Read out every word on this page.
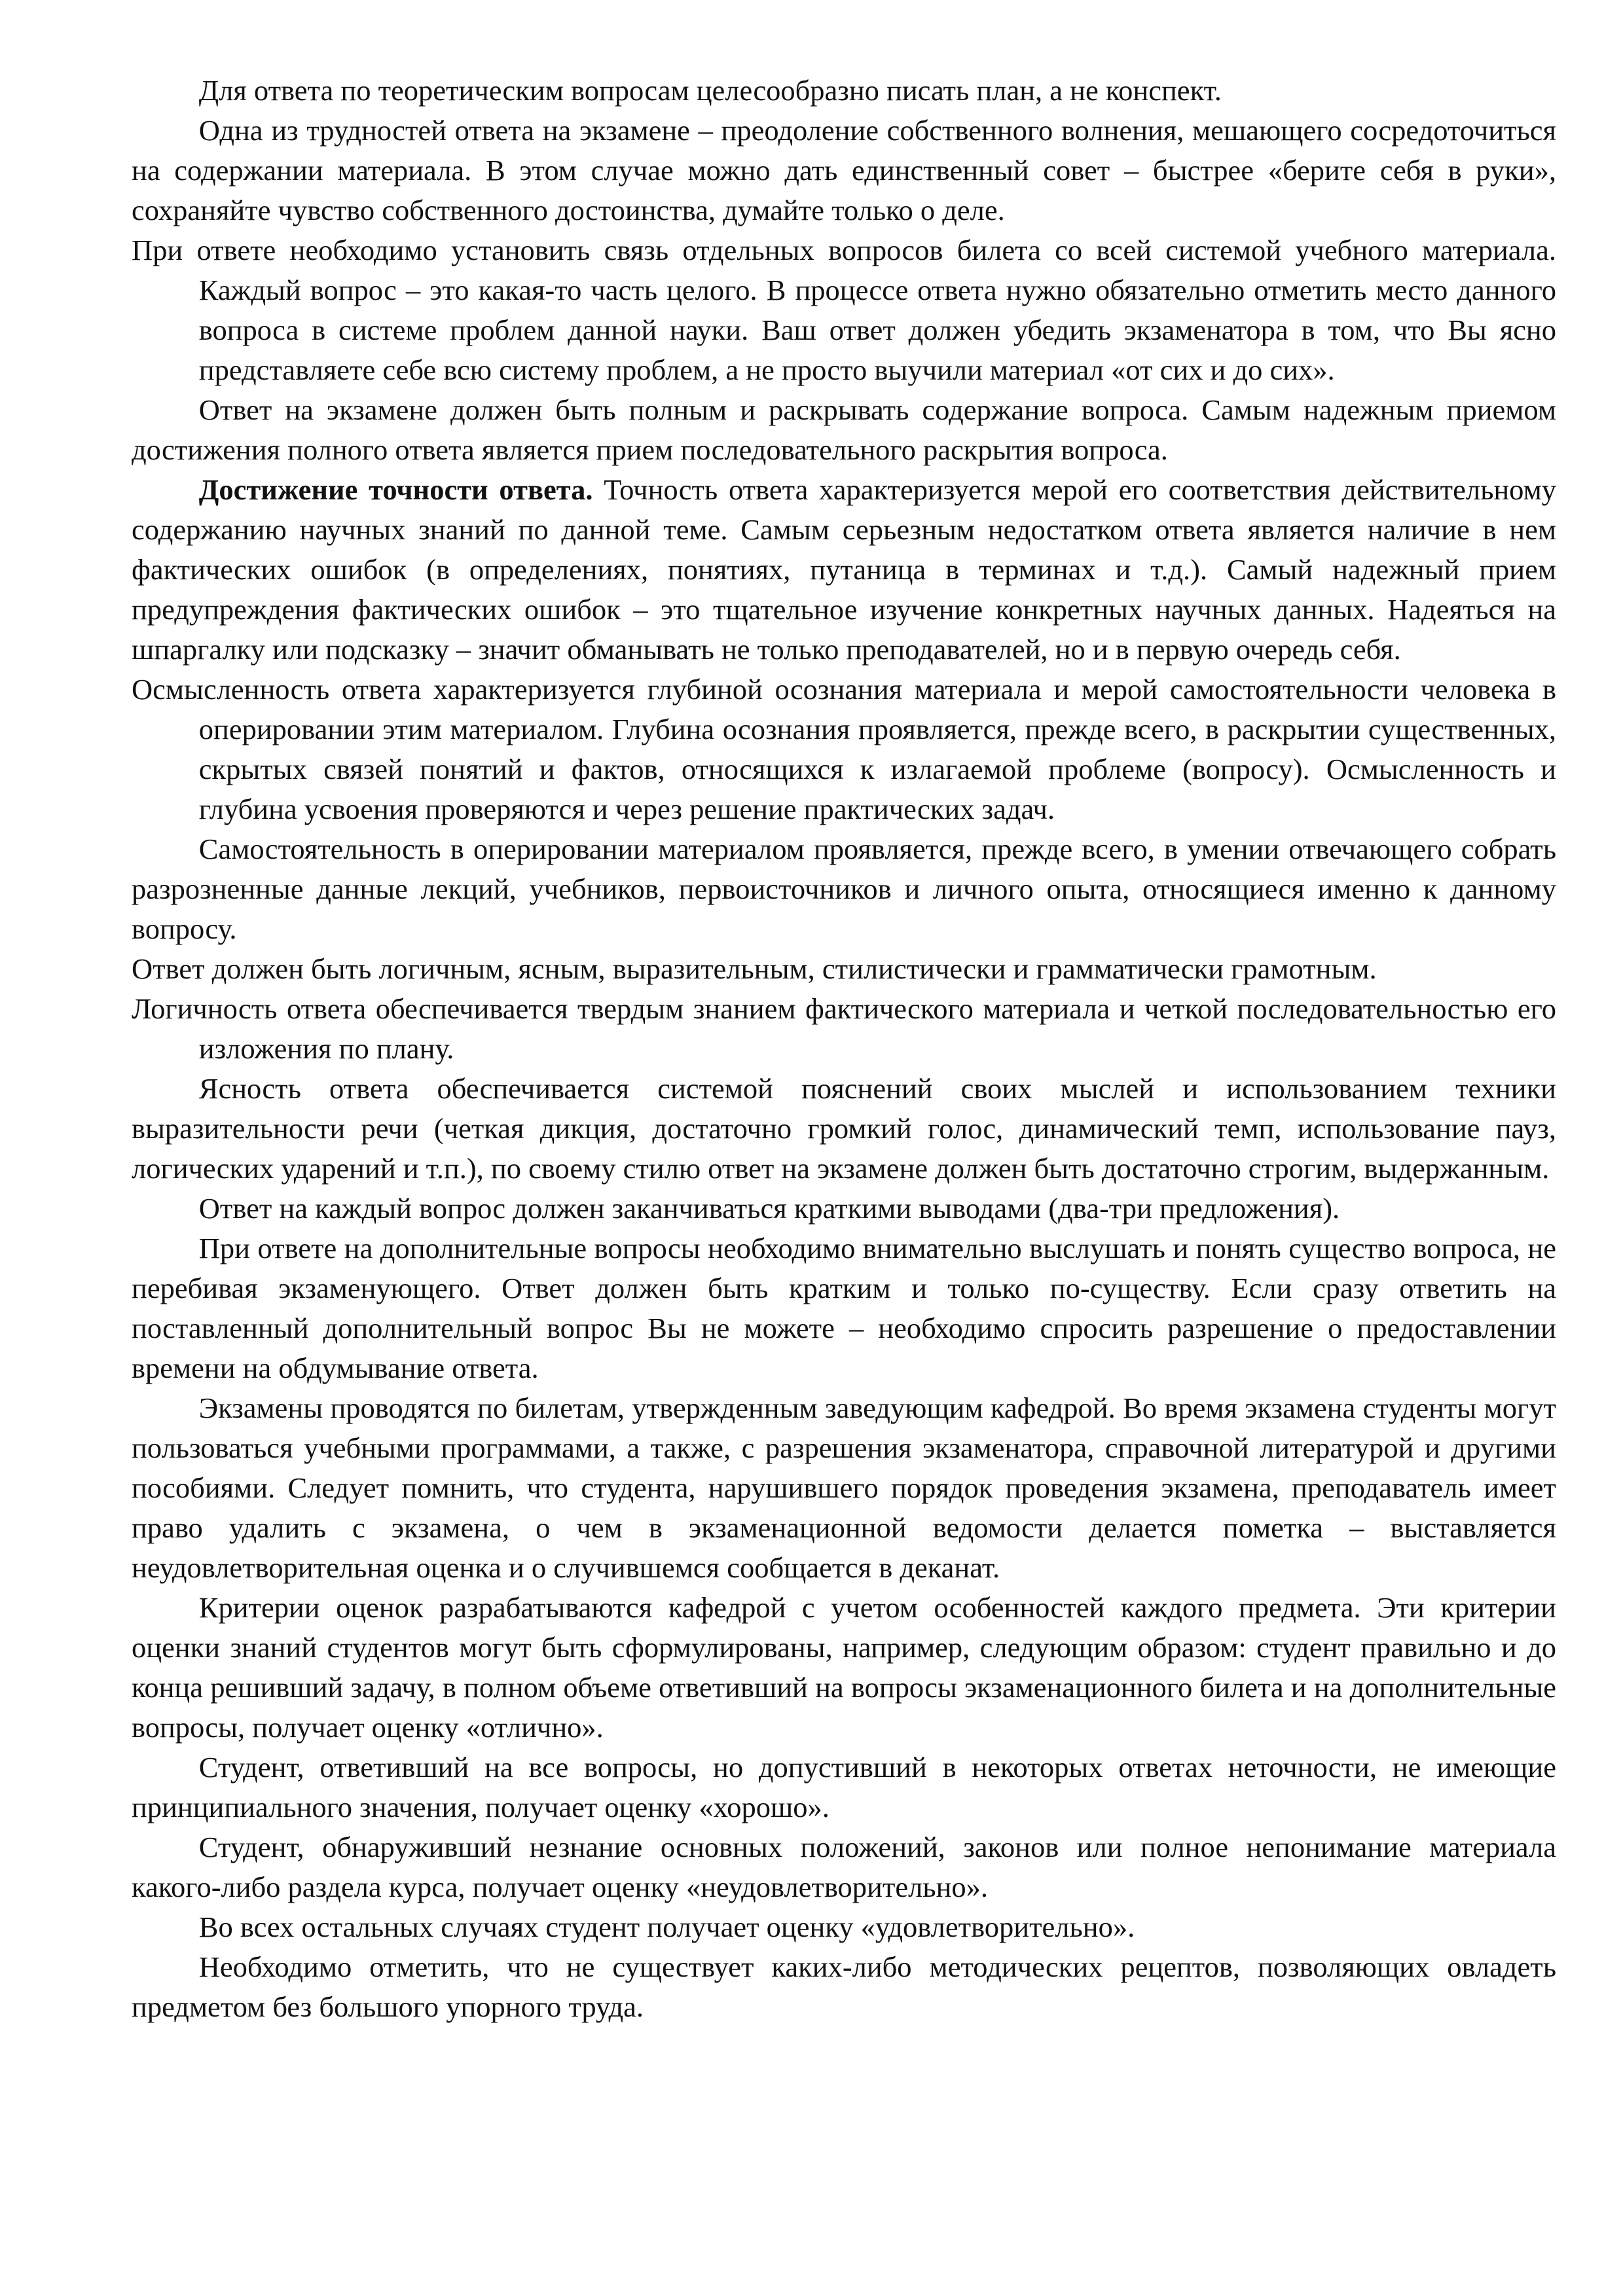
Для ответа по теоретическим вопросам целесообразно писать план, а не конспект.

Одна из трудностей ответа на экзамене – преодоление собственного волнения, мешающего сосредоточиться на содержании материала. В этом случае можно дать единственный совет – быстрее «берите себя в руки», сохраняйте чувство собственного достоинства, думайте только о деле.

При ответе необходимо установить связь отдельных вопросов билета со всей системой учебного материала. Каждый вопрос – это какая-то часть целого. В процессе ответа нужно обязательно отметить место данного вопроса в системе проблем данной науки. Ваш ответ должен убедить экзаменатора в том, что Вы ясно представляете себе всю систему проблем, а не просто выучили материал «от сих и до сих».

Ответ на экзамене должен быть полным и раскрывать содержание вопроса. Самым надежным приемом достижения полного ответа является прием последовательного раскрытия вопроса.

Достижение точности ответа. Точность ответа характеризуется мерой его соответствия действительному содержанию научных знаний по данной теме. Самым серьезным недостатком ответа является наличие в нем фактических ошибок (в определениях, понятиях, путаница в терминах и т.д.). Самый надежный прием предупреждения фактических ошибок – это тщательное изучение конкретных научных данных. Надеяться на шпаргалку или подсказку – значит обманывать не только преподавателей, но и в первую очередь себя.

Осмысленность ответа характеризуется глубиной осознания материала и мерой самостоятельности человека в оперировании этим материалом. Глубина осознания проявляется, прежде всего, в раскрытии существенных, скрытых связей понятий и фактов, относящихся к излагаемой проблеме (вопросу). Осмысленность и глубина усвоения проверяются и через решение практических задач.

Самостоятельность в оперировании материалом проявляется, прежде всего, в умении отвечающего собрать разрозненные данные лекций, учебников, первоисточников и личного опыта, относящиеся именно к данному вопросу.

Ответ должен быть логичным, ясным, выразительным, стилистически и грамматически грамотным.

Логичность ответа обеспечивается твердым знанием фактического материала и четкой последовательностью его изложения по плану.

Ясность ответа обеспечивается системой пояснений своих мыслей и использованием техники выразительности речи (четкая дикция, достаточно громкий голос, динамический темп, использование пауз, логических ударений и т.п.), по своему стилю ответ на экзамене должен быть достаточно строгим, выдержанным.

Ответ на каждый вопрос должен заканчиваться краткими выводами (два-три предложения).

При ответе на дополнительные вопросы необходимо внимательно выслушать и понять существо вопроса, не перебивая экзаменующего. Ответ должен быть кратким и только по-существу. Если сразу ответить на поставленный дополнительный вопрос Вы не можете – необходимо спросить разрешение о предоставлении времени на обдумывание ответа.

Экзамены проводятся по билетам, утвержденным заведующим кафедрой. Во время экзамена студенты могут пользоваться учебными программами, а также, с разрешения экзаменатора, справочной литературой и другими пособиями. Следует помнить, что студента, нарушившего порядок проведения экзамена, преподаватель имеет право удалить с экзамена, о чем в экзаменационной ведомости делается пометка – выставляется неудовлетворительная оценка и о случившемся сообщается в деканат.

Критерии оценок разрабатываются кафедрой с учетом особенностей каждого предмета. Эти критерии оценки знаний студентов могут быть сформулированы, например, следующим образом: студент правильно и до конца решивший задачу, в полном объеме ответивший на вопросы экзаменационного билета и на дополнительные вопросы, получает оценку «отлично».

Студент, ответивший на все вопросы, но допустивший в некоторых ответах неточности, не имеющие принципиального значения, получает оценку «хорошо».

Студент, обнаруживший незнание основных положений, законов или полное непонимание материала какого-либо раздела курса, получает оценку «неудовлетворительно».

Во всех остальных случаях студент получает оценку «удовлетворительно».

Необходимо отметить, что не существует каких-либо методических рецептов, позволяющих овладеть предметом без большого упорного труда.
